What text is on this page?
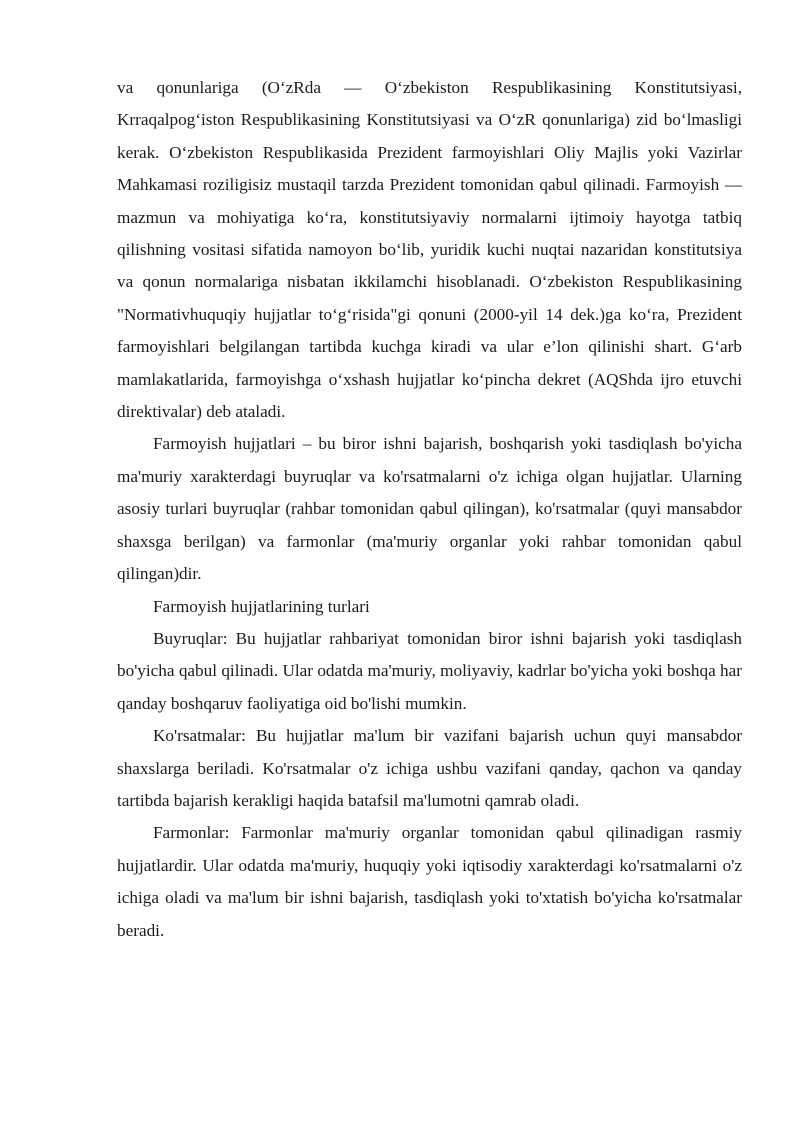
va qonunlariga (O‘zRda — O‘zbekiston Respublikasining Konstitutsiyasi, Krraqalpog‘iston Respublikasining Konstitutsiyasi va O‘zR qonunlariga) zid bo‘lmasligi kerak. O‘zbekiston Respublikasida Prezident farmoyishlari Oliy Majlis yoki Vazirlar Mahkamasi roziligisiz mustaqil tarzda Prezident tomonidan qabul qilinadi. Farmoyish — mazmun va mohiyatiga ko‘ra, konstitutsiyaviy normalarni ijtimoiy hayotga tatbiq qilishning vositasi sifatida namoyon bo‘lib, yuridik kuchi nuqtai nazaridan konstitutsiya va qonun normalariga nisbatan ikkilamchi hisoblanadi. O‘zbekiston Respublikasining "Normativhuquqiy hujjatlar to‘g‘risida"gi qonuni (2000-yil 14 dek.)ga ko‘ra, Prezident farmoyishlari belgilangan tartibda kuchga kiradi va ular e’lon qilinishi shart. G‘arb mamlakatlarida, farmoyishga o‘xshash hujjatlar ko‘pincha dekret (AQShda ijro etuvchi direktivalar) deb ataladi.

Farmoyish hujjatlari – bu biror ishni bajarish, boshqarish yoki tasdiqlash bo'yicha ma'muriy xarakterdagi buyruqlar va ko'rsatmalarni o'z ichiga olgan hujjatlar. Ularning asosiy turlari buyruqlar (rahbar tomonidan qabul qilingan), ko'rsatmalar (quyi mansabdor shaxsga berilgan) va farmonlar (ma'muriy organlar yoki rahbar tomonidan qabul qilingan)dir.

Farmoyish hujjatlarining turlari

Buyruqlar: Bu hujjatlar rahbariyat tomonidan biror ishni bajarish yoki tasdiqlash bo'yicha qabul qilinadi. Ular odatda ma'muriy, moliyaviy, kadrlar bo'yicha yoki boshqa har qanday boshqaruv faoliyatiga oid bo'lishi mumkin.

Ko'rsatmalar: Bu hujjatlar ma'lum bir vazifani bajarish uchun quyi mansabdor shaxslarga beriladi. Ko'rsatmalar o'z ichiga ushbu vazifani qanday, qachon va qanday tartibda bajarish kerakligi haqida batafsil ma'lumotni qamrab oladi.

Farmonlar: Farmonlar ma'muriy organlar tomonidan qabul qilinadigan rasmiy hujjatlardir. Ular odatda ma'muriy, huquqiy yoki iqtisodiy xarakterdagi ko'rsatmalarni o'z ichiga oladi va ma'lum bir ishni bajarish, tasdiqlash yoki to'xtatish bo'yicha ko'rsatmalar beradi.
